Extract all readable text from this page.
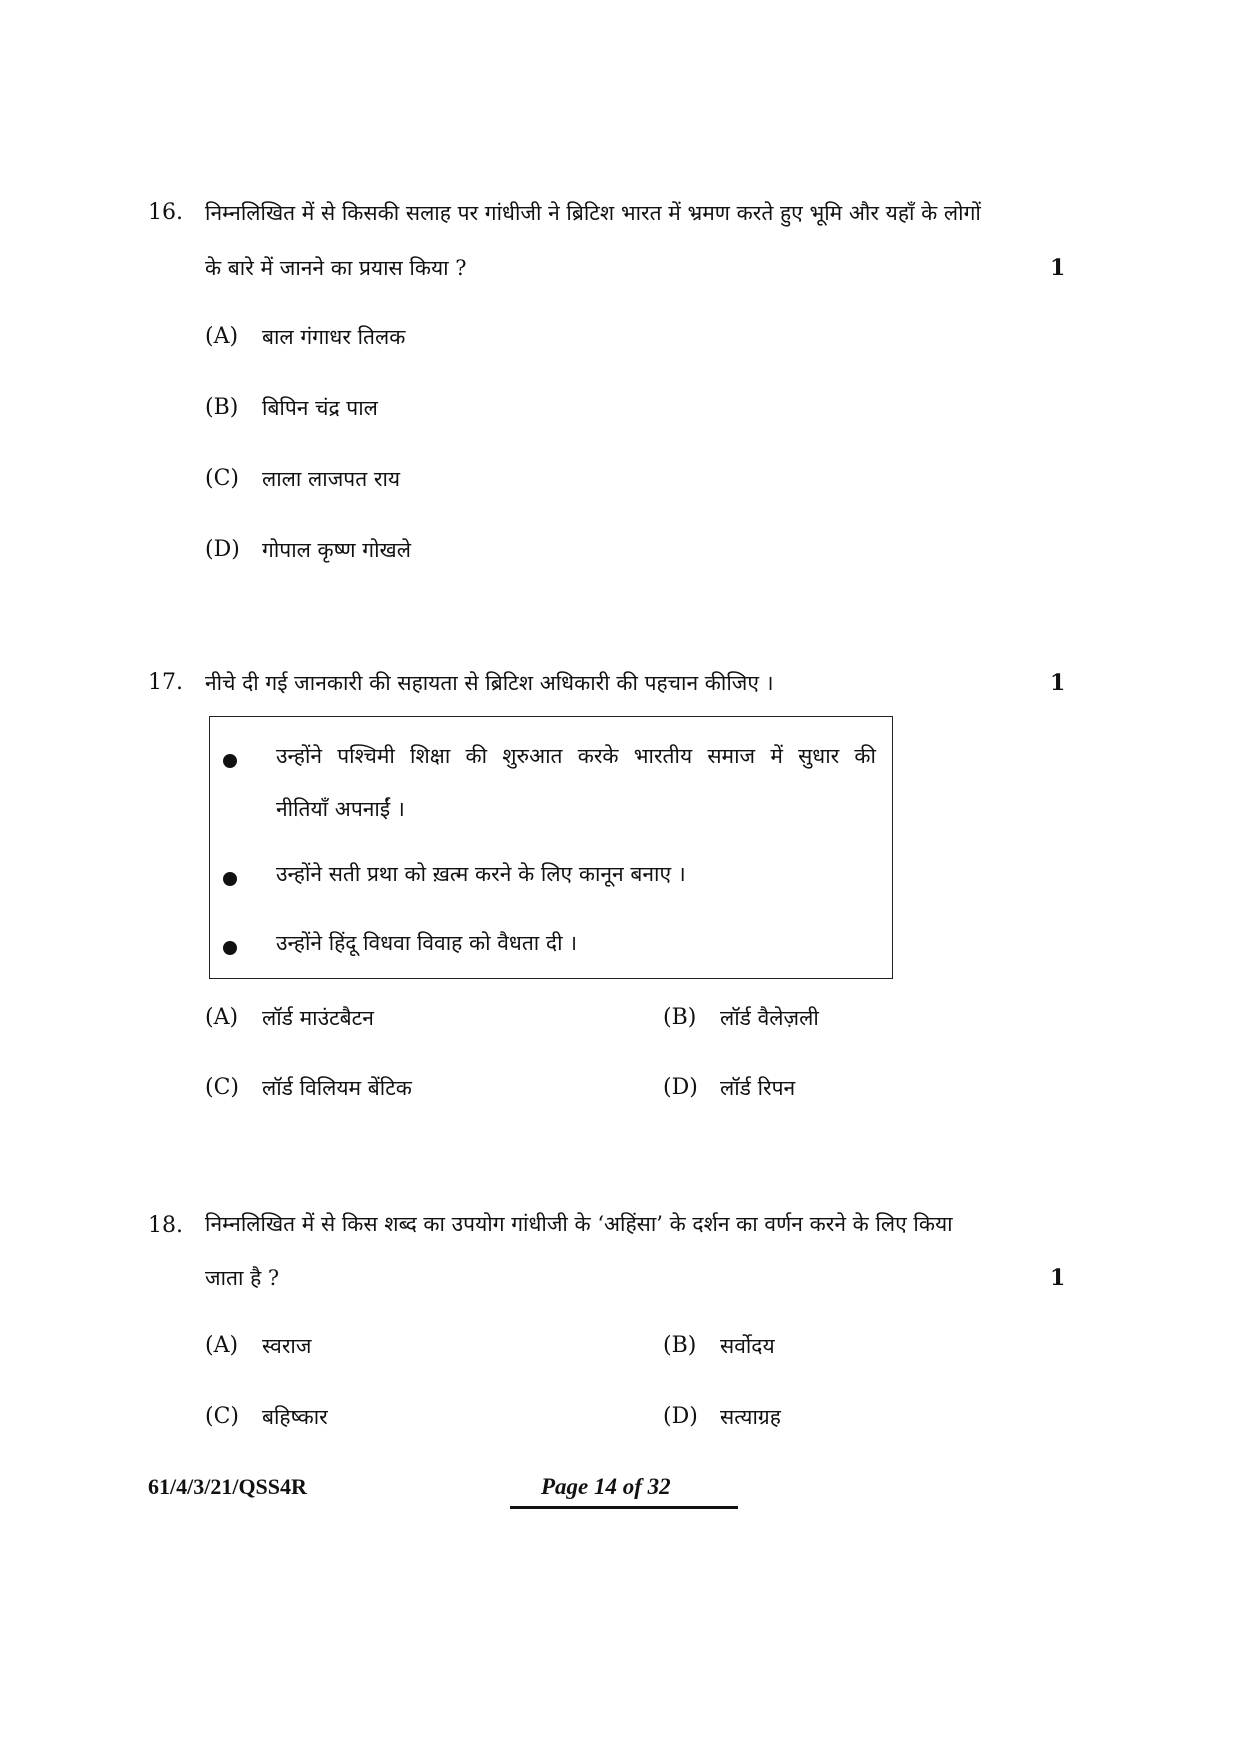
16. निम्नलिखित में से किसकी सलाह पर गांधीजी ने ब्रिटिश भारत में भ्रमण करते हुए भूमि और यहाँ के लोगों
के बारे में जानने का प्रयास किया ?	1
(A) बाल गंगाधर तिलक
(B) बिपिन चंद्र पाल
(C) लाला लाजपत राय
(D) गोपाल कृष्ण गोखले
17. नीचे दी गई जानकारी की सहायता से ब्रिटिश अधिकारी की पहचान कीजिए ।	1
उन्होंने पश्चिमी शिक्षा की शुरुआत करके भारतीय समाज में सुधार की
नीतियाँ अपनाईं ।
उन्होंने सती प्रथा को ख़त्म करने के लिए कानून बनाए ।
उन्होंने हिंदू विधवा विवाह को वैधता दी ।
(A) लॉर्ड माउंटबैटन	(B) लॉर्ड वैलेज़ली
(C) लॉर्ड विलियम बेंटिक	(D) लॉर्ड रिपन
18. निम्नलिखित में से किस शब्द का उपयोग गांधीजी के ‘अहिंसा’ के दर्शन का वर्णन करने के लिए किया
जाता है ?	1
(A) स्वराज	(B) सर्वोदय
(C) बहिष्कार	(D) सत्याग्रह
61/4/3/21/QSS4R	Page 14 of 32
